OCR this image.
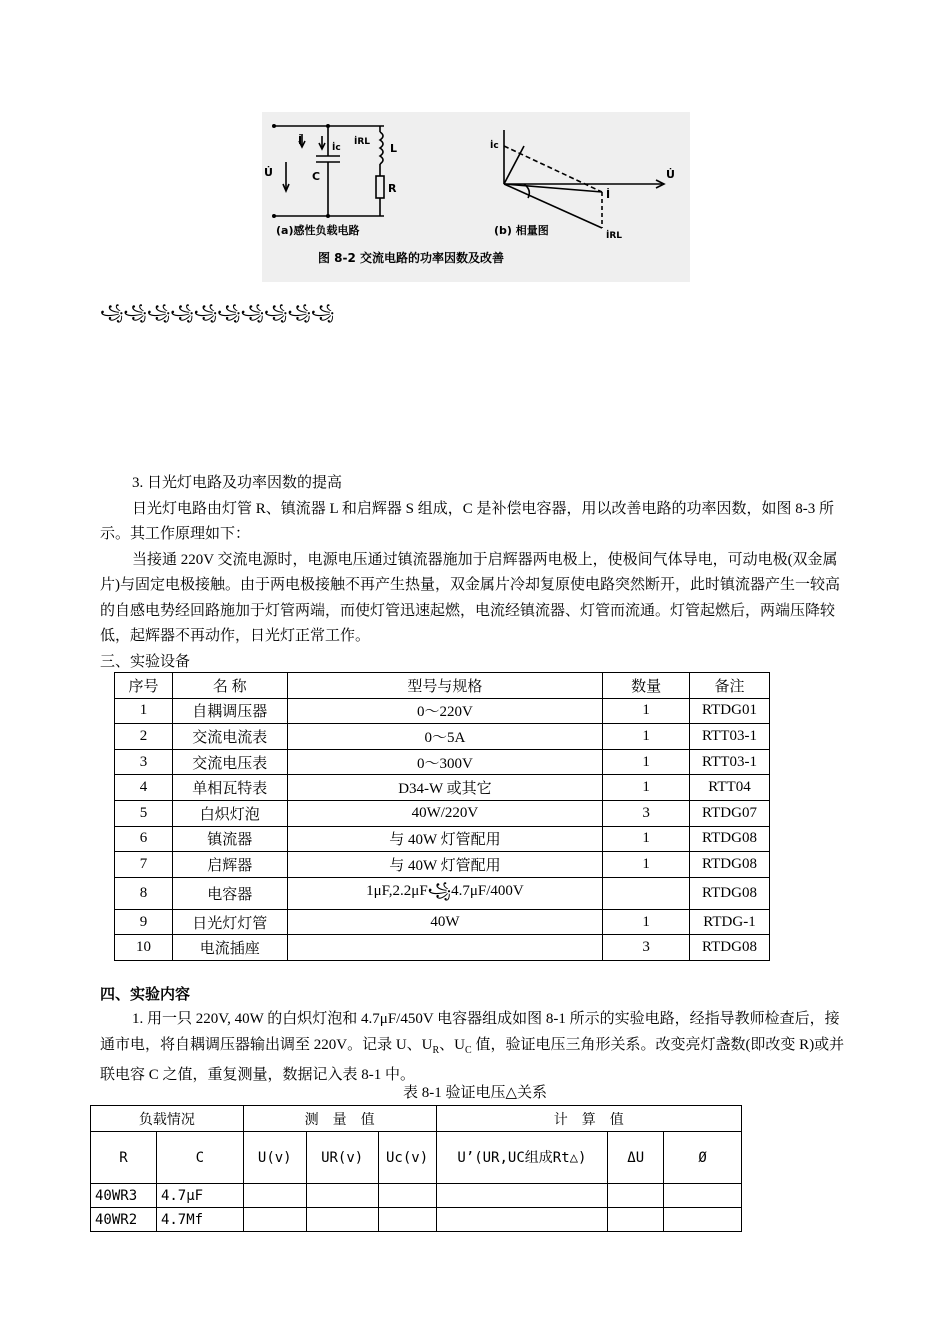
İ
İc
İRL L
C
R
U̇
(a)感性负载电路
İc
U̇
İ
İRL
(b) 相量图
图 8-2 交流电路的功率因数及改善
꧁꧁꧁꧁꧁꧁꧁꧁꧁꧁

3. 日光灯电路及功率因数的提高

日光灯电路由灯管 R、镇流器 L 和启辉器 S 组成，C 是补偿电容器，用以改善电路的功率因数，如图 8-3 所示。其工作原理如下：

当接通 220V 交流电源时，电源电压通过镇流器施加于启辉器两电极上，使极间气体导电，可动电极(双金属片)与固定电极接触。由于两电极接触不再产生热量，双金属片冷却复原使电路突然断开，此时镇流器产生一较高的自感电势经回路施加于灯管两端，而使灯管迅速起燃，电流经镇流器、灯管而流通。灯管起燃后，两端压降较低，起辉器不再动作，日光灯正常工作。

三、实验设备

序号	名 称	型号与规格	数量	备注
1	自耦调压器	0～220V	1	RTDG01
2	交流电流表	0～5A	1	RTT03-1
3	交流电压表	0～300V	1	RTT03-1
4	单相瓦特表	D34-W 或其它	1	RTT04
5	白炽灯泡	40W/220V	3	RTDG07
6	镇流器	与 40W 灯管配用	1	RTDG08
7	启辉器	与 40W 灯管配用	1	RTDG08
8	电容器	1μF,2.2μF꧁4.7μF/400V		RTDG08
9	日光灯灯管	40W	1	RTDG-1
10	电流插座		3	RTDG08
四、实验内容

1. 用一只 220V, 40W 的白炽灯泡和 4.7μF/450V 电容器组成如图 8-1 所示的实验电路，经指导教师检查后，接通市电，将自耦调压器输出调至 220V。记录 U、$U_R$、$U_C$ 值，验证电压三角形关系。改变亮灯盏数(即改变 R)或并联电容 C 之值，重复测量，数据记入表 8-1 中。

表 8-1 验证电压△关系
负载情况		测　量　值			计　算　值		
R	C	U(v)	UR(v)	Uc(v)	U’(UR,UC组成Rt△)	ΔU	Ø
40WR3	4.7μF						
40WR2	4.7Mf						
